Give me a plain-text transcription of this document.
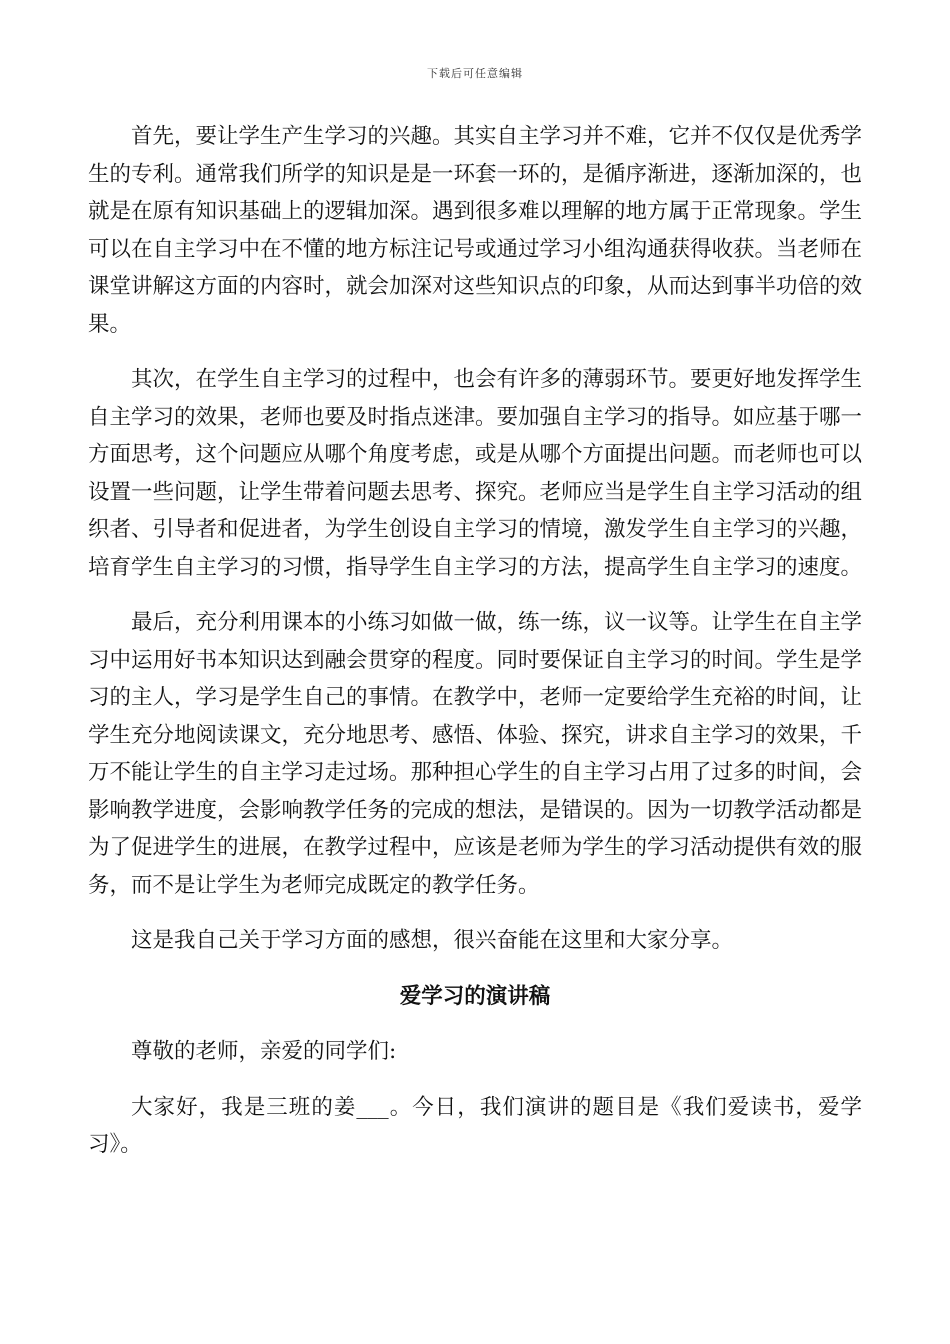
下载后可任意编辑

首先，要让学生产生学习的兴趣。其实自主学习并不难，它并不仅仅是优秀学生的专利。通常我们所学的知识是是一环套一环的，是循序渐进，逐渐加深的，也就是在原有知识基础上的逻辑加深。遇到很多难以理解的地方属于正常现象。学生可以在自主学习中在不懂的地方标注记号或通过学习小组沟通获得收获。当老师在课堂讲解这方面的内容时，就会加深对这些知识点的印象，从而达到事半功倍的效果。

其次，在学生自主学习的过程中，也会有许多的薄弱环节。要更好地发挥学生自主学习的效果，老师也要及时指点迷津。要加强自主学习的指导。如应基于哪一方面思考，这个问题应从哪个角度考虑，或是从哪个方面提出问题。而老师也可以设置一些问题，让学生带着问题去思考、探究。老师应当是学生自主学习活动的组织者、引导者和促进者，为学生创设自主学习的情境，激发学生自主学习的兴趣，培育学生自主学习的习惯，指导学生自主学习的方法，提高学生自主学习的速度。

最后，充分利用课本的小练习如做一做，练一练，议一议等。让学生在自主学习中运用好书本知识达到融会贯穿的程度。同时要保证自主学习的时间。学生是学习的主人，学习是学生自己的事情。在教学中，老师一定要给学生充裕的时间，让学生充分地阅读课文，充分地思考、感悟、体验、探究，讲求自主学习的效果，千万不能让学生的自主学习走过场。那种担心学生的自主学习占用了过多的时间，会影响教学进度，会影响教学任务的完成的想法，是错误的。因为一切教学活动都是为了促进学生的进展，在教学过程中，应该是老师为学生的学习活动提供有效的服务，而不是让学生为老师完成既定的教学任务。

这是我自己关于学习方面的感想，很兴奋能在这里和大家分享。

爱学习的演讲稿

尊敬的老师，亲爱的同学们:

大家好，我是三班的姜___。今日，我们演讲的题目是《我们爱读书，爱学习》。
